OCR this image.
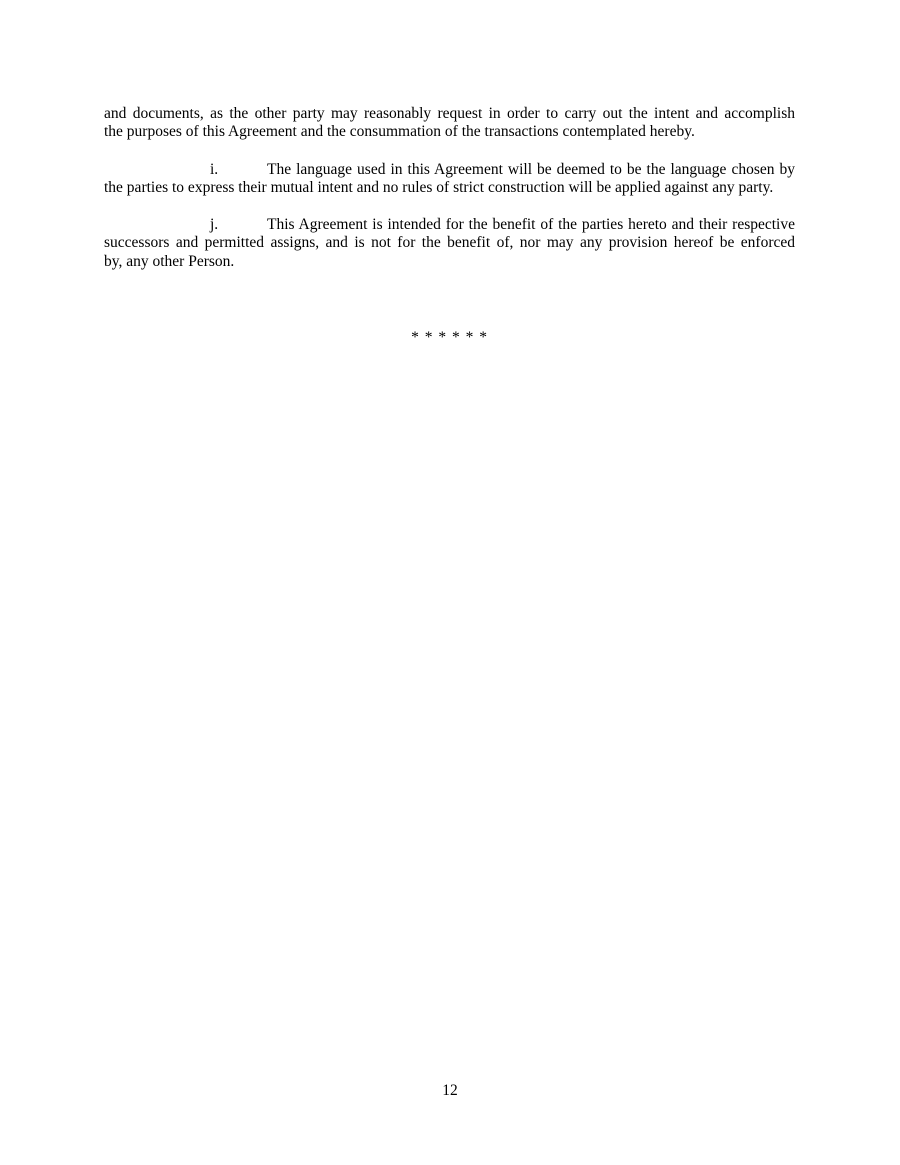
and documents, as the other party may reasonably request in order to carry out the intent and accomplish
the purposes of this Agreement and the consummation of the transactions contemplated hereby.
i.	The language used in this Agreement will be deemed to be the language chosen by
the parties to express their mutual intent and no rules of strict construction will be applied against any party.
j.	This Agreement is intended for the benefit of the parties hereto and their respective
successors and permitted assigns, and is not for the benefit of, nor may any provision hereof be enforced
by, any other Person.
* * * * * *
12
